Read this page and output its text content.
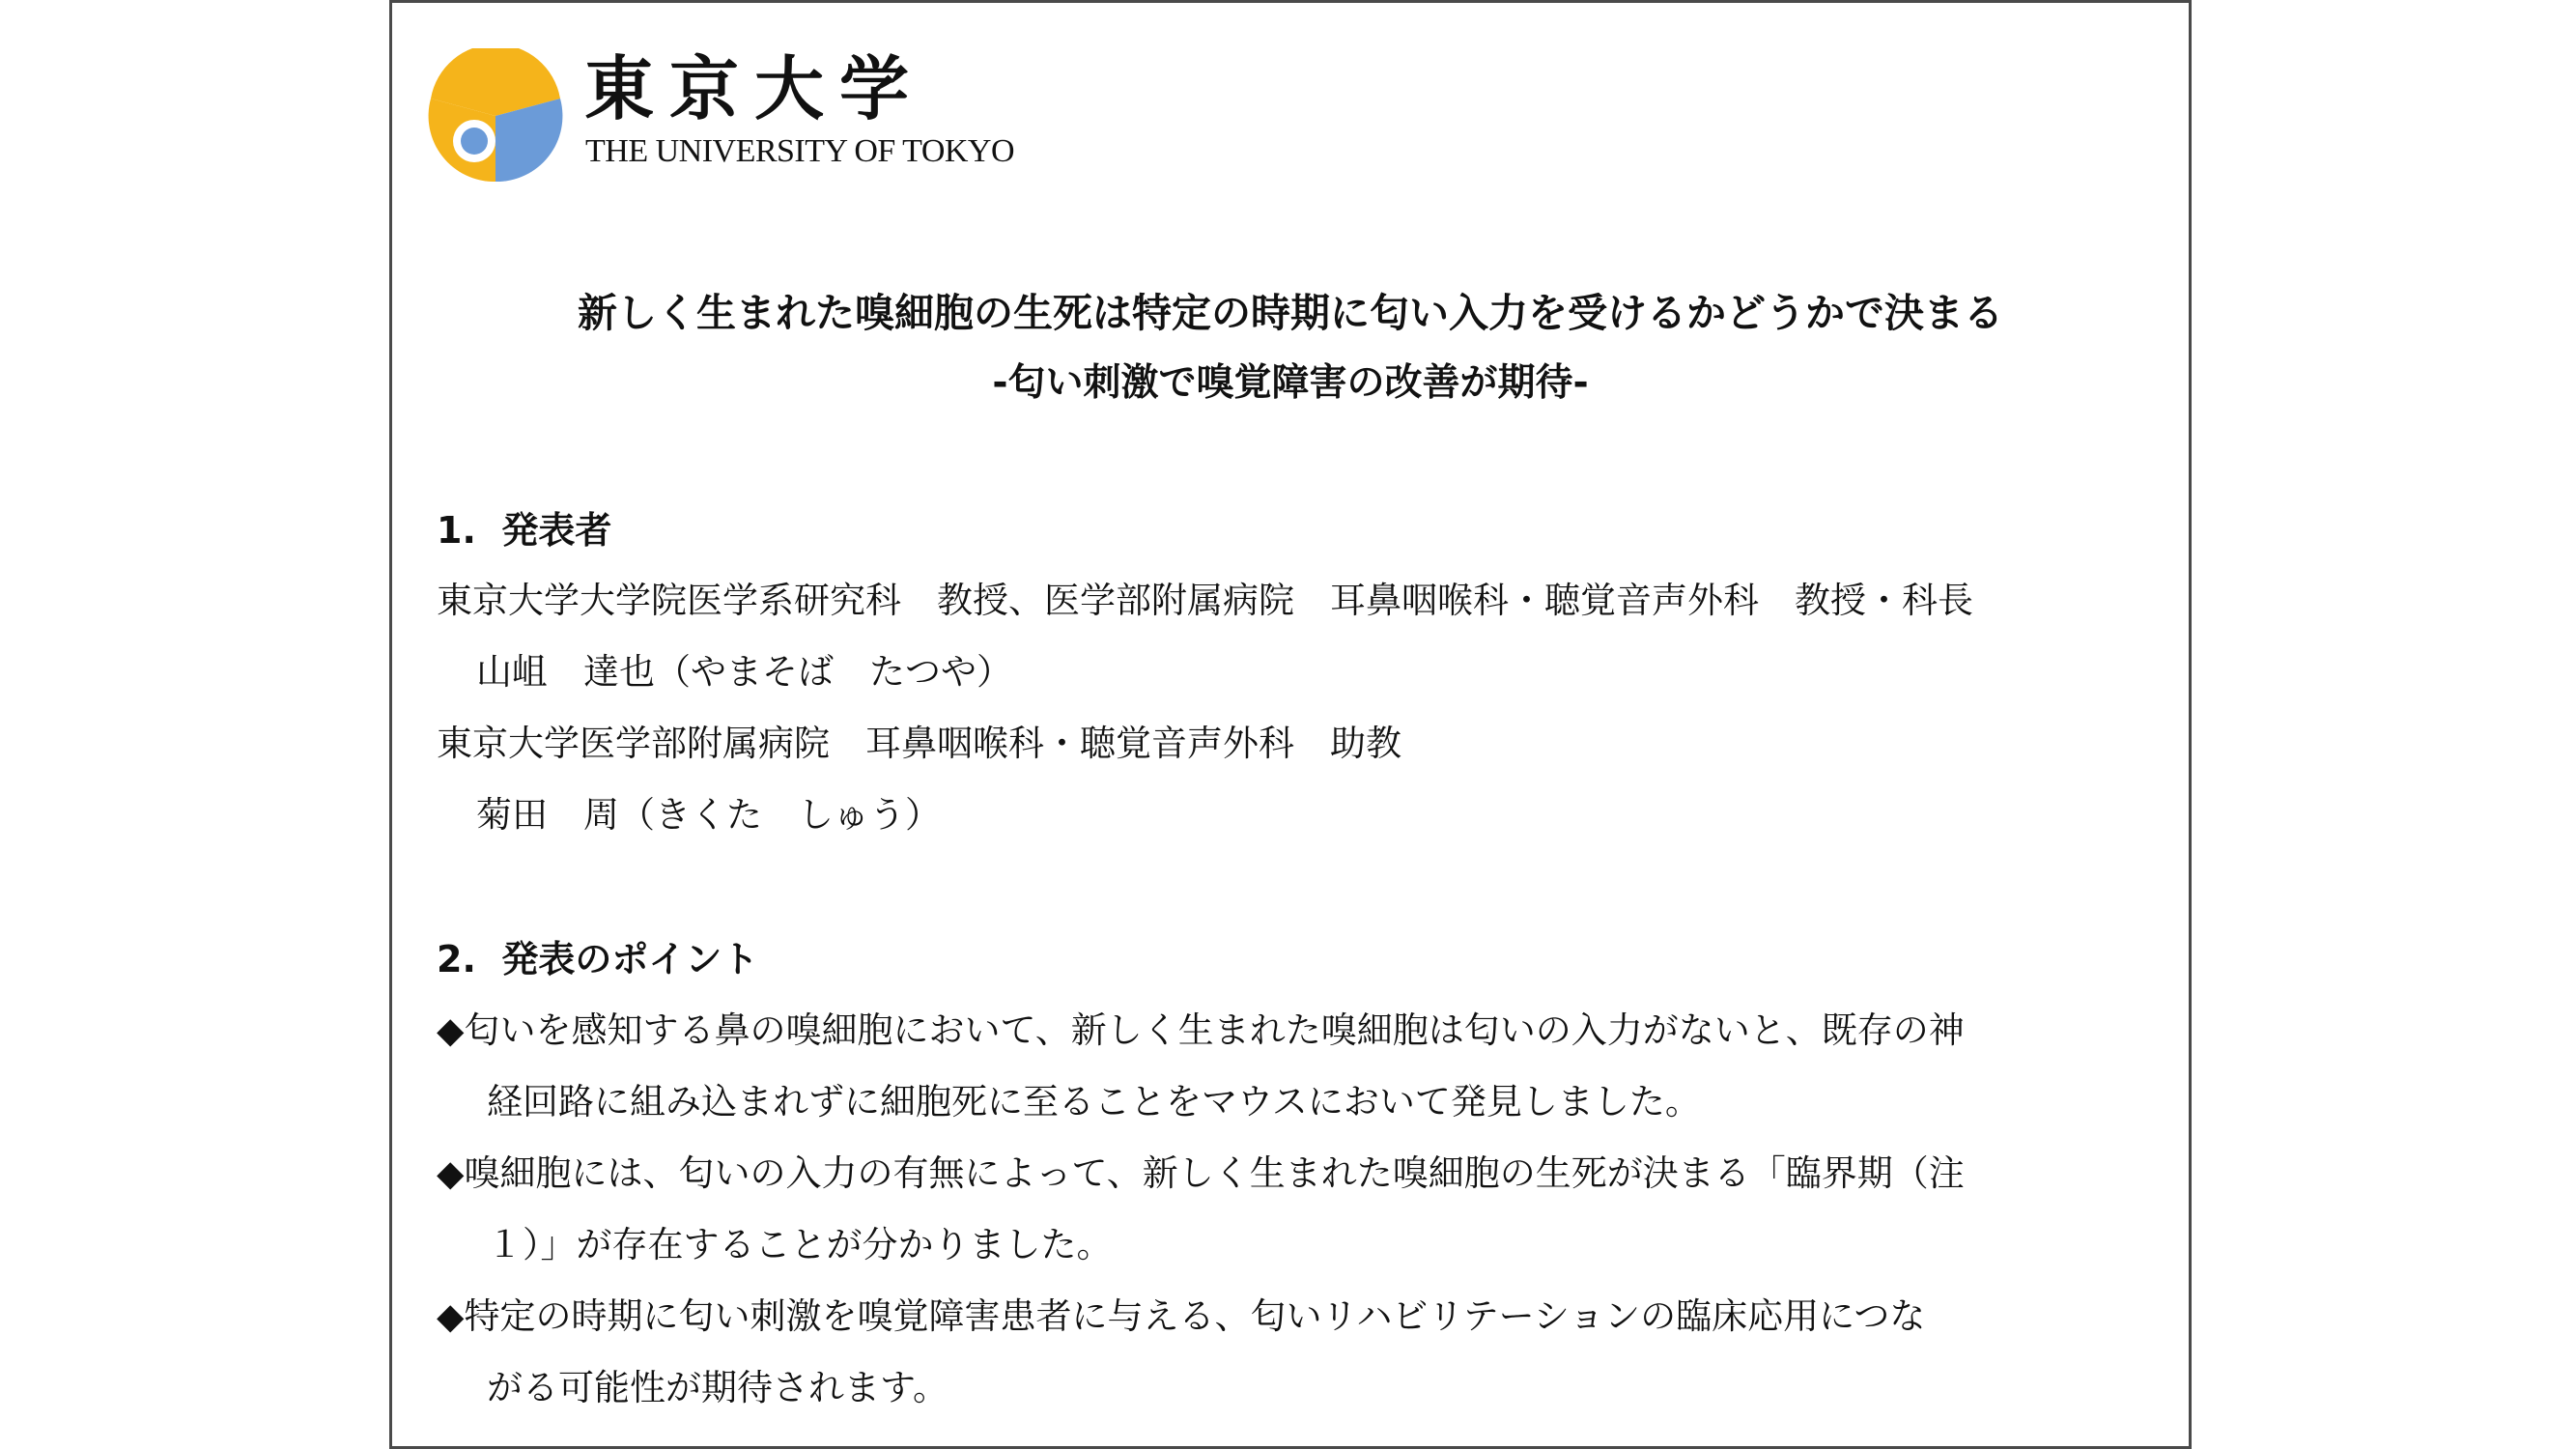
東京大学
THE UNIVERSITY OF TOKYO
新しく生まれた嗅細胞の生死は特定の時期に匂い入力を受けるかどうかで決まる
-匂い刺激で嗅覚障害の改善が期待-
1.  発表者
東京大学大学院医学系研究科　教授、医学部附属病院　耳鼻咽喉科・聴覚音声外科　教授・科長
山岨　達也（やまそば　たつや）
東京大学医学部附属病院　耳鼻咽喉科・聴覚音声外科　助教
菊田　周（きくた　しゅう）
2.  発表のポイント
◆匂いを感知する鼻の嗅細胞において、新しく生まれた嗅細胞は匂いの入力がないと、既存の神
経回路に組み込まれずに細胞死に至ることをマウスにおいて発見しました。
◆嗅細胞には、匂いの入力の有無によって、新しく生まれた嗅細胞の生死が決まる「臨界期（注
１）」が存在することが分かりました。
◆特定の時期に匂い刺激を嗅覚障害患者に与える、匂いリハビリテーションの臨床応用につな
がる可能性が期待されます。
